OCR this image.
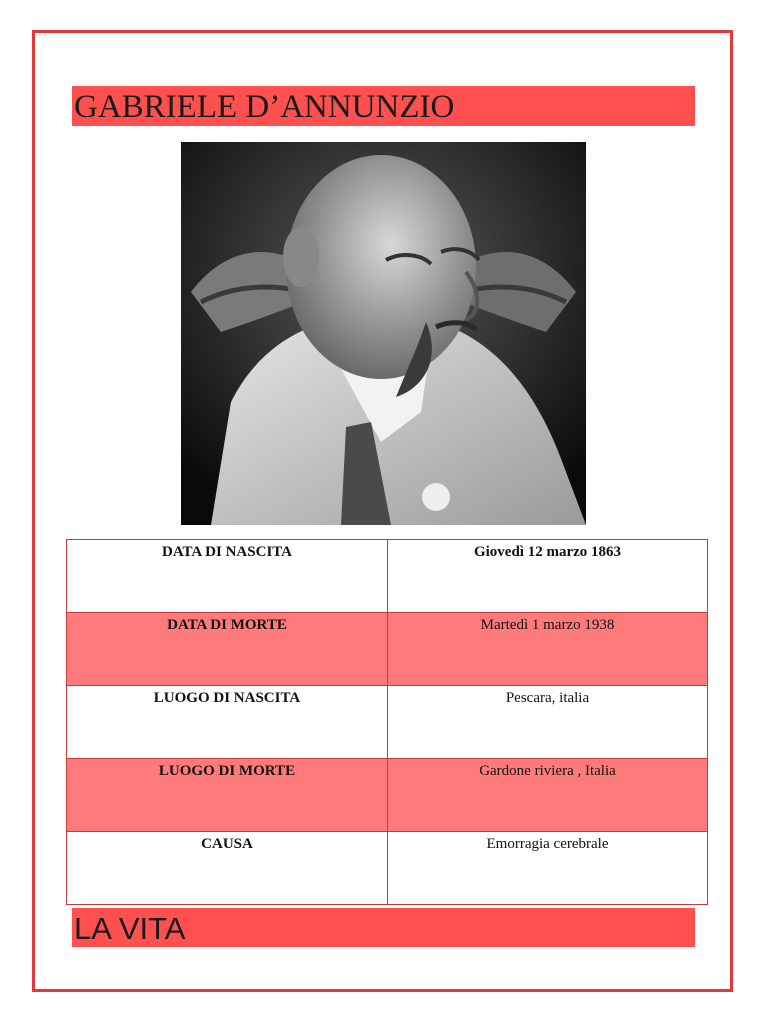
GABRIELE D’ANNUNZIO
DATA DI NASCITA	Giovedì 12 marzo 1863
DATA DI MORTE	Martedì 1 marzo 1938
LUOGO DI NASCITA	Pescara, italia
LUOGO DI MORTE	Gardone riviera , Italia
CAUSA	Emorragia cerebrale
LA VITA
